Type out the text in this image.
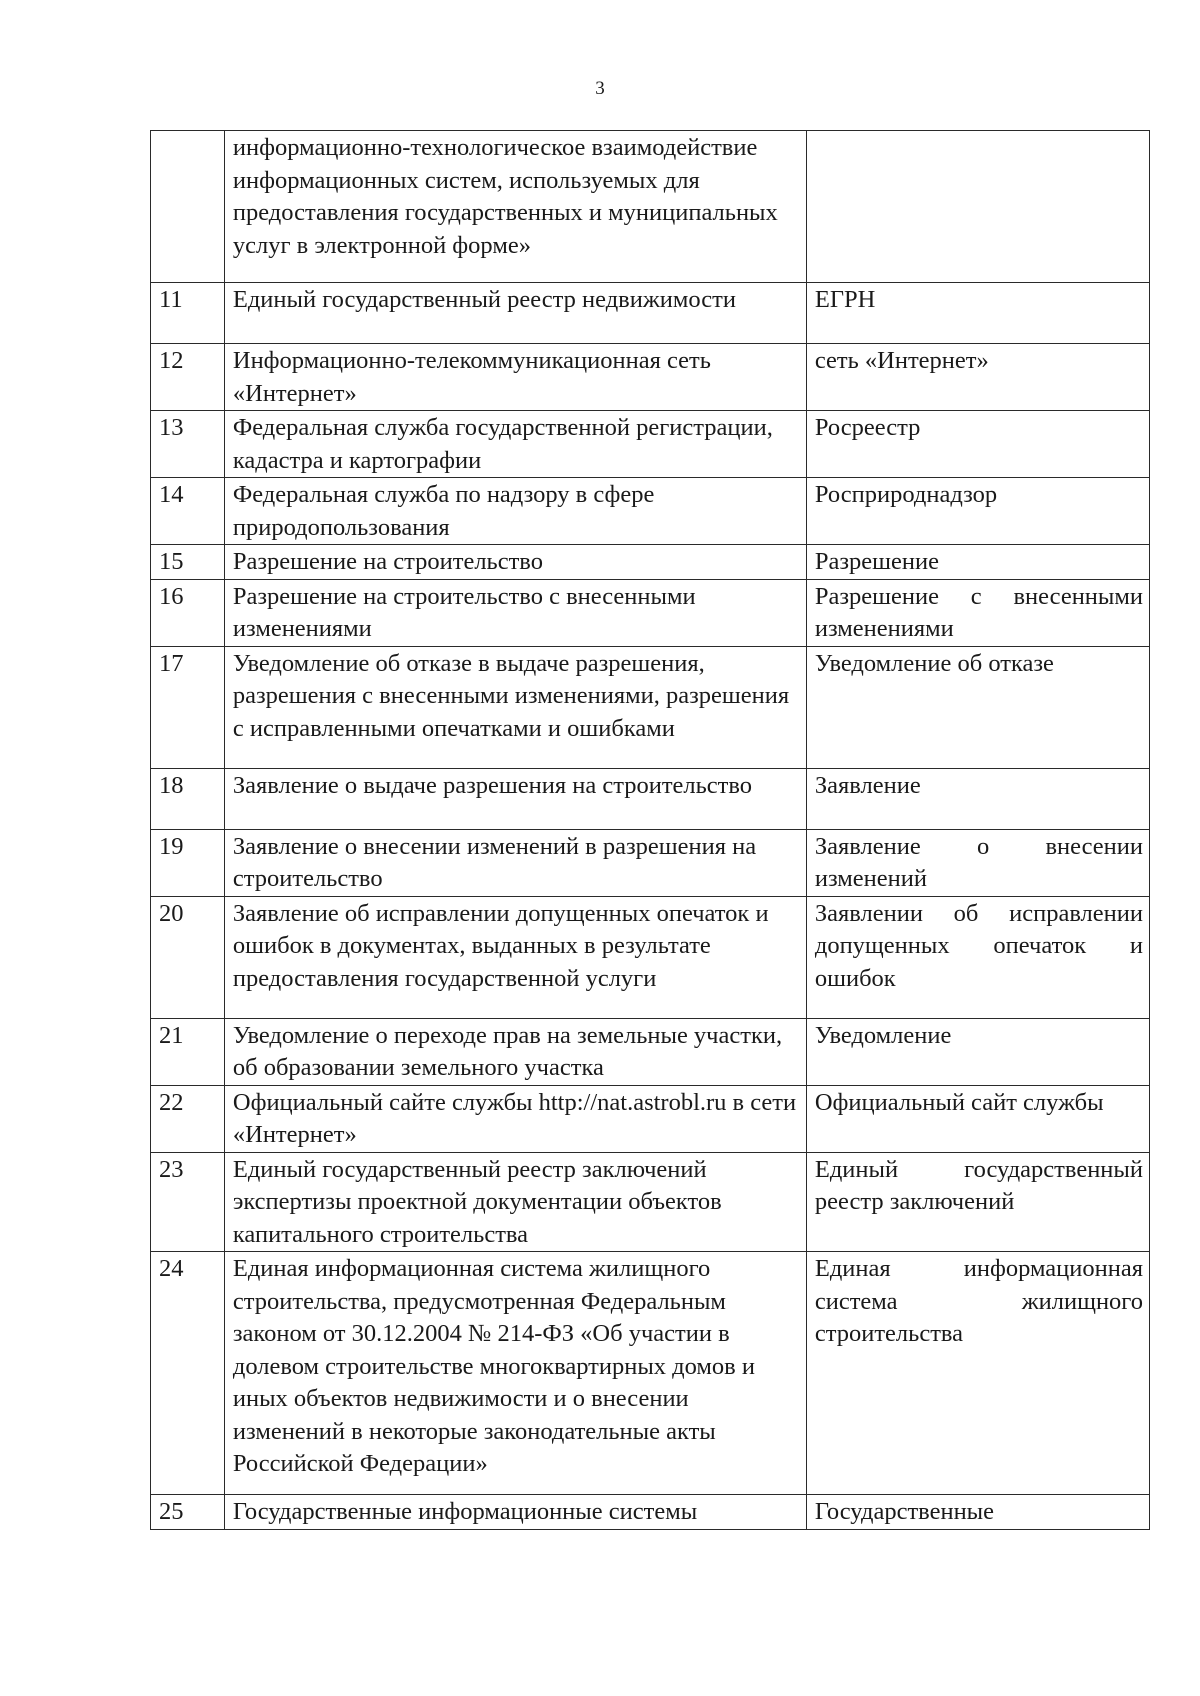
3
	информационно-технологическое взаимодействие информационных систем, используемых для предоставления государственных и муниципальных услуг в электронной форме»	
11	Единый государственный реестр недвижимости	ЕГРН
12	Информационно-телекоммуникационная сеть «Интернет»	сеть «Интернет»
13	Федеральная служба государственной регистрации, кадастра и картографии	Росреестр
14	Федеральная служба по надзору в сфере природопользования	Росприроднадзор
15	Разрешение на строительство	Разрешение
16	Разрешение на строительство с внесенными изменениями	Разрешение с внесенными изменениями
17	Уведомление об отказе в выдаче разрешения, разрешения с внесенными изменениями, разрешения с исправленными опечатками и ошибками	Уведомление об отказе
18	Заявление о выдаче разрешения на строительство	Заявление
19	Заявление о внесении изменений в разрешения на строительство	Заявление о внесении изменений
20	Заявление об исправлении допущенных опечаток и ошибок в документах, выданных в результате предоставления государственной услуги	Заявлении об исправлении допущенных опечаток и ошибок
21	Уведомление о переходе прав на земельные участки, об образовании земельного участка	Уведомление
22	Официальный сайте службы http://nat.astrobl.ru в сети «Интернет»	Официальный сайт службы
23	Единый государственный реестр заключений экспертизы проектной документации объектов капитального строительства	Единый государственный реестр заключений
24	Единая информационная система жилищного строительства, предусмотренная Федеральным законом от 30.12.2004 № 214-ФЗ «Об участии в долевом строительстве многоквартирных домов и иных объектов недвижимости и о внесении изменений в некоторые законодательные акты Российской Федерации»	Единая информационная система жилищного строительства
25	Государственные информационные системы	Государственные
